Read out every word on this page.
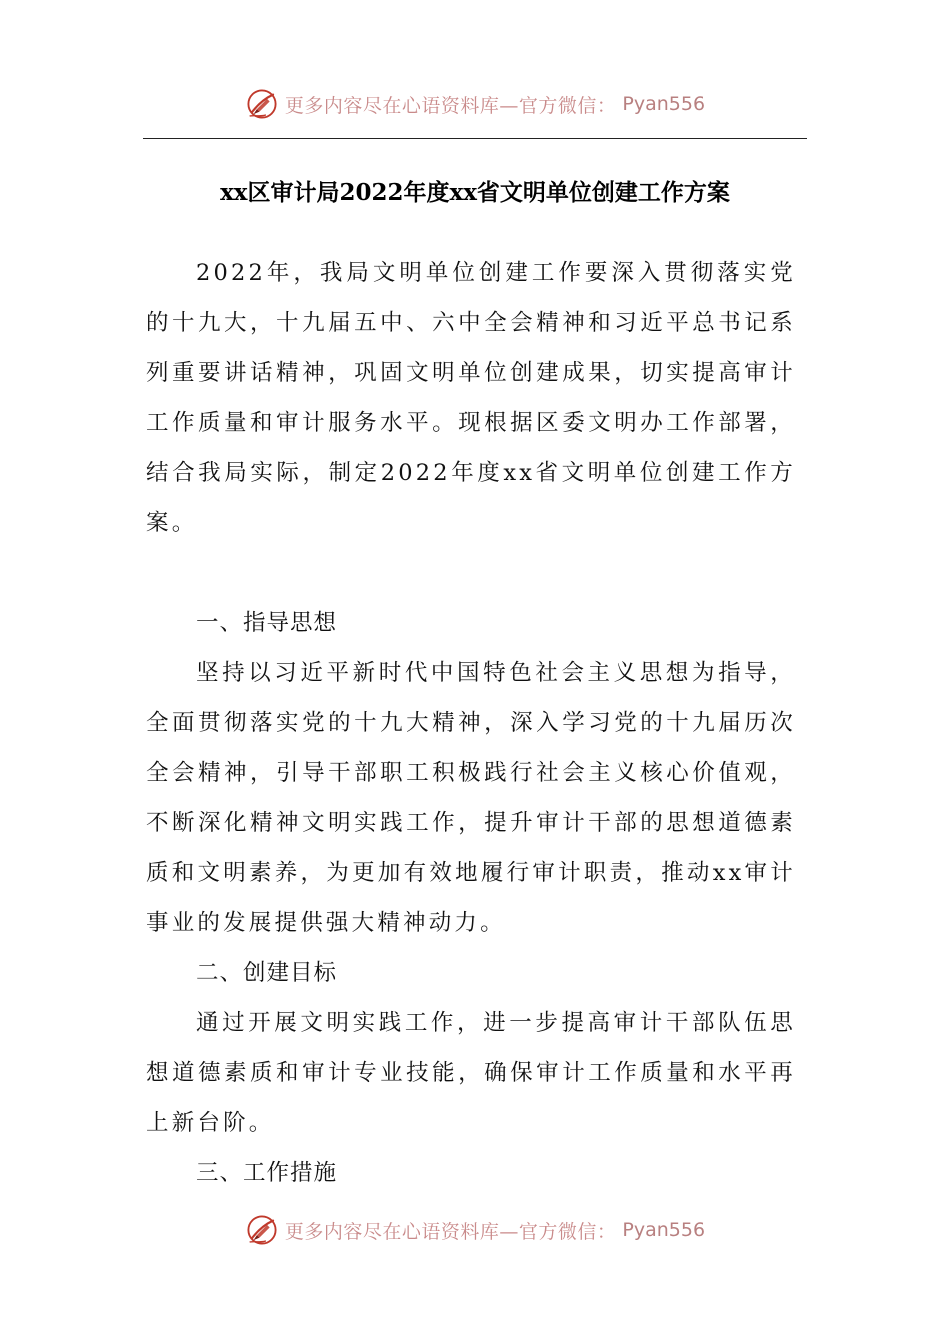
更多内容尽在心语资料库—官方微信： Pyan556
xx区审计局2022年度xx省文明单位创建工作方案

2022年，我局文明单位创建工作要深入贯彻落实党的十九大，十九届五中、六中全会精神和习近平总书记系列重要讲话精神，巩固文明单位创建成果，切实提高审计工作质量和审计服务水平。现根据区委文明办工作部署，结合我局实际，制定2022年度xx省文明单位创建工作方案。

一、指导思想

坚持以习近平新时代中国特色社会主义思想为指导，全面贯彻落实党的十九大精神，深入学习党的十九届历次全会精神，引导干部职工积极践行社会主义核心价值观，不断深化精神文明实践工作，提升审计干部的思想道德素质和文明素养，为更加有效地履行审计职责，推动xx审计事业的发展提供强大精神动力。

二、创建目标

通过开展文明实践工作，进一步提高审计干部队伍思想道德素质和审计专业技能，确保审计工作质量和水平再上新台阶。

三、工作措施

更多内容尽在心语资料库—官方微信： Pyan556
